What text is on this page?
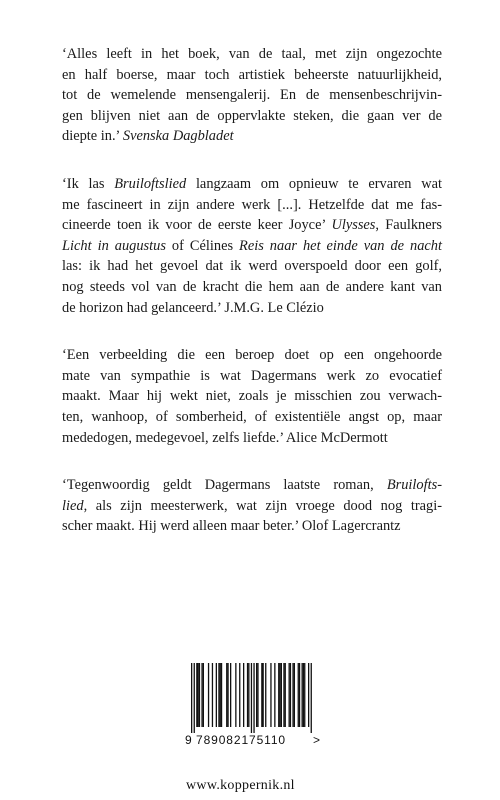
‘Alles leeft in het boek, van de taal, met zijn ongezochte
en half boerse, maar toch artistiek beheerste natuurlijkheid,
tot de wemelende mensengalerij. En de mensenbeschrijvin-
gen blijven niet aan de oppervlakte steken, die gaan ver de
diepte in.’ Svenska Dagbladet

‘Ik las Bruiloftslied langzaam om opnieuw te ervaren wat
me fascineert in zijn andere werk [...]. Hetzelfde dat me fas-
cineerde toen ik voor de eerste keer Joyce’ Ulysses, Faulkners
Licht in augustus of Célines Reis naar het einde van de nacht
las: ik had het gevoel dat ik werd overspoeld door een golf,
nog steeds vol van de kracht die hem aan de andere kant van
de horizon had gelanceerd.’ J.M.G. Le Clézio

‘Een verbeelding die een beroep doet op een ongehoorde
mate van sympathie is wat Dagermans werk zo evocatief
maakt. Maar hij wekt niet, zoals je misschien zou verwach-
ten, wanhoop, of somberheid, of existentiële angst op, maar
mededogen, medegevoel, zelfs liefde.’ Alice McDermott

‘Tegenwoordig geldt Dagermans laatste roman, Bruilofts-
lied, als zijn meesterwerk, wat zijn vroege dood nog tragi-
scher maakt. Hij werd alleen maar beter.’ Olof Lagercrantz

9 789082175110 >
www.koppernik.nl
